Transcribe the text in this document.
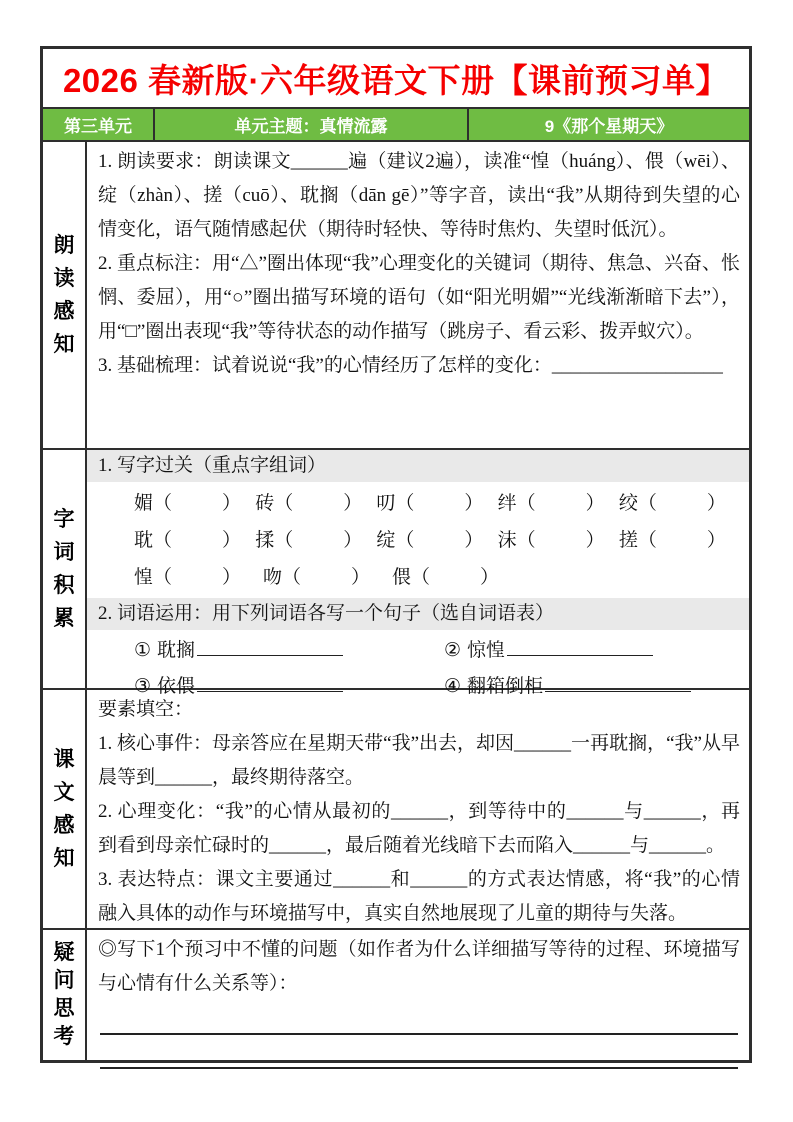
2026 春新版·六年级语文下册【课前预习单】
第三单元	单元主题：真情流露	9《那个星期天》
朗
读
感
知
1. 朗读要求：朗读课文______遍（建议2遍），读准“惶（huáng）、偎（wēi）、绽（zhàn）、搓（cuō）、耽搁（dān gē）”等字音，读出“我”从期待到失望的心情变化，语气随情感起伏（期待时轻快、等待时焦灼、失望时低沉）。
2. 重点标注：用“△”圈出体现“我”心理变化的关键词（期待、焦急、兴奋、怅惘、委屈），用“○”圈出描写环境的语句（如“阳光明媚”“光线渐渐暗下去”），用“□”圈出表现“我”等待状态的动作描写（跳房子、看云彩、拨弄蚁穴）。
3. 基础梳理：试着说说“我”的心情经历了怎样的变化：__________________
字
词
积
累
1. 写字过关（重点字组词）
媚（	） 砖（	） 叨（	） 绊（	） 绞（	）
耽（	） 揉（	） 绽（	） 沫（	） 搓（	）
惶（	）	吻（	）	偎（	）
2. 词语运用：用下列词语各写一个句子（选自词语表）
① 耽搁	② 惊惶
③ 依偎	④ 翻箱倒柜
课
文
感
知
要素填空：
1. 核心事件：母亲答应在星期天带“我”出去，却因______一再耽搁，“我”从早晨等到______，最终期待落空。
2. 心理变化：“我”的心情从最初的______，到等待中的______与______，再到看到母亲忙碌时的______，最后随着光线暗下去而陷入______与______。
3. 表达特点：课文主要通过______和______的方式表达情感，将“我”的心情融入具体的动作与环境描写中，真实自然地展现了儿童的期待与失落。
疑
问
思
考
◎写下1个预习中不懂的问题（如作者为什么详细描写等待的过程、环境描写与心情有什么关系等）：
